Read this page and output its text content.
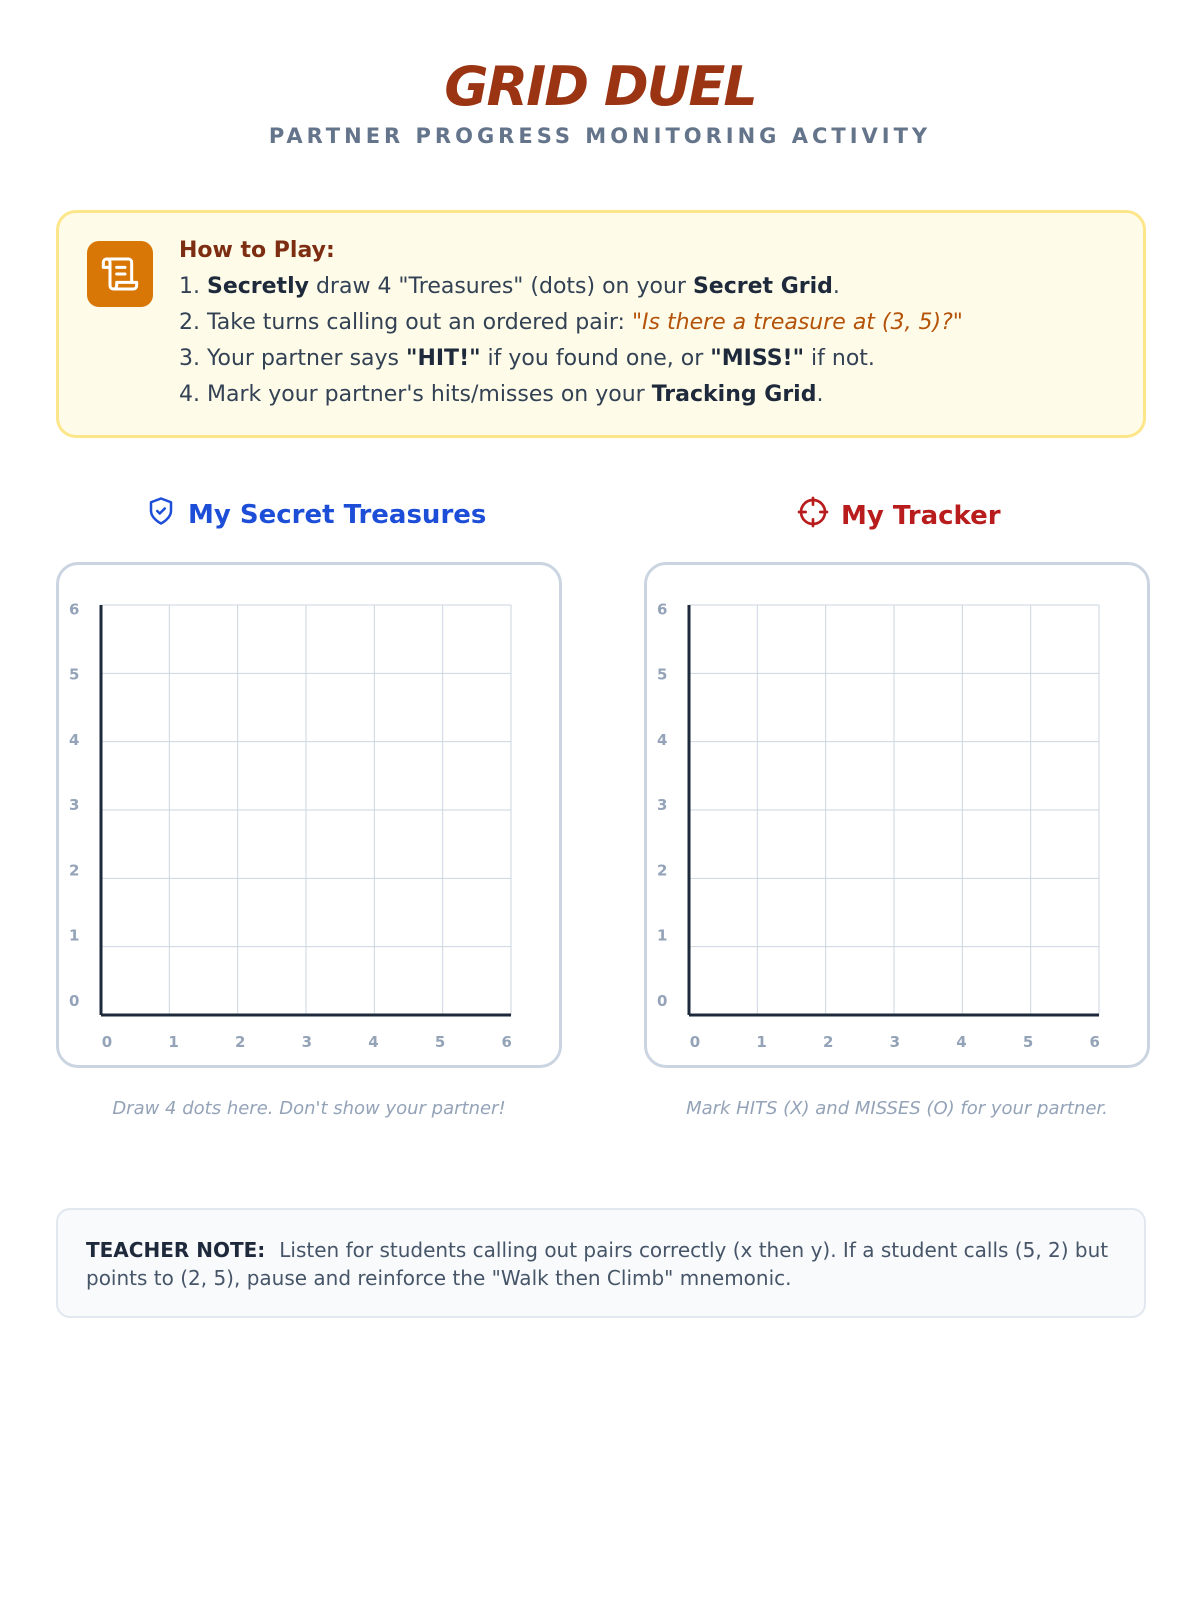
GRID DUEL
PARTNER PROGRESS MONITORING ACTIVITY
How to Play:
1. Secretly draw 4 "Treasures" (dots) on your Secret Grid.
2. Take turns calling out an ordered pair: "Is there a treasure at (3, 5)?"
3. Your partner says "HIT!" if you found one, or "MISS!" if not.
4. Mark your partner's hits/misses on your Tracking Grid.
My Secret Treasures	My Tracker
0	1	2	3	4	5	6
0
1
2
3
4
5
6
0	1	2	3	4	5	6
0
1
2
3
4
5
6
Draw 4 dots here. Don't show your partner!	Mark HITS (X) and MISSES (O) for your partner.
TEACHER NOTE: Listen for students calling out pairs correctly (x then y). If a student calls (5, 2) but points to (2, 5), pause and reinforce the "Walk then Climb" mnemonic.
